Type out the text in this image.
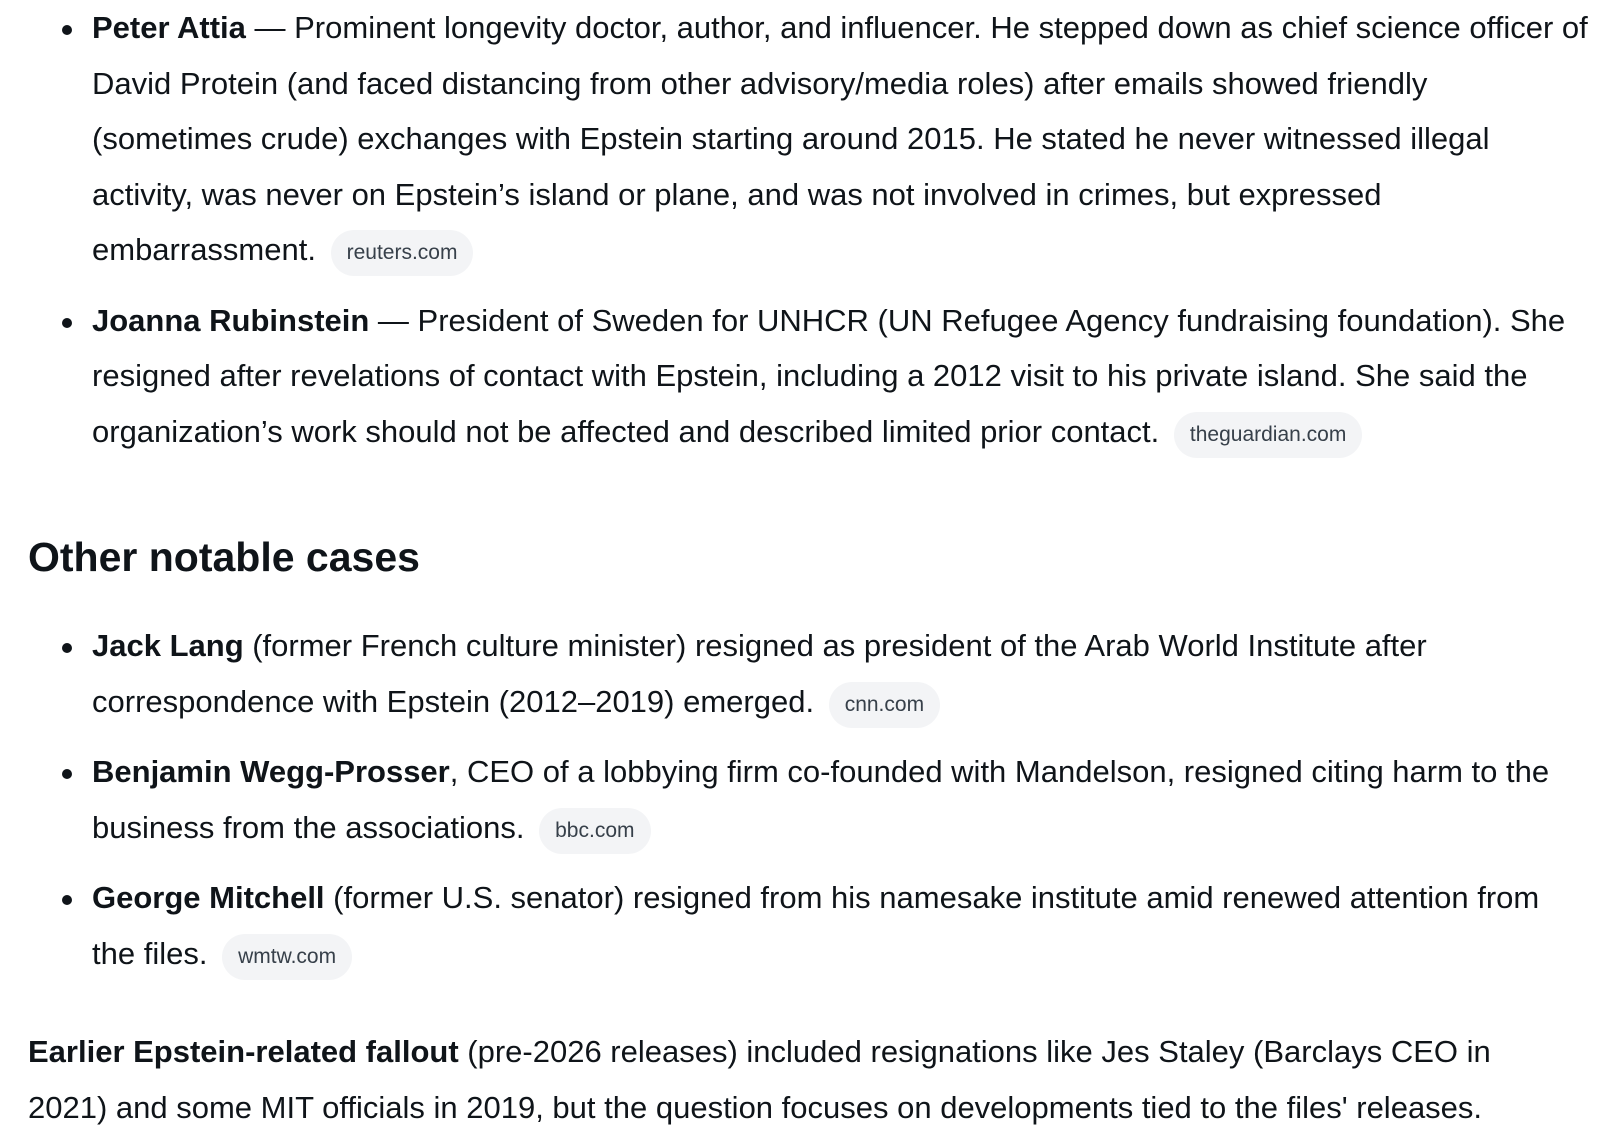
Peter Attia — Prominent longevity doctor, author, and influencer. He stepped down as chief science officer of David Protein (and faced distancing from other advisory/media roles) after emails showed friendly (sometimes crude) exchanges with Epstein starting around 2015. He stated he never witnessed illegal activity, was never on Epstein’s island or plane, and was not involved in crimes, but expressed embarrassment. reuters.com
Joanna Rubinstein — President of Sweden for UNHCR (UN Refugee Agency fundraising foundation). She resigned after revelations of contact with Epstein, including a 2012 visit to his private island. She said the organization’s work should not be affected and described limited prior contact. theguardian.com
Other notable cases
Jack Lang (former French culture minister) resigned as president of the Arab World Institute after correspondence with Epstein (2012–2019) emerged. cnn.com
Benjamin Wegg-Prosser, CEO of a lobbying firm co-founded with Mandelson, resigned citing harm to the business from the associations. bbc.com
George Mitchell (former U.S. senator) resigned from his namesake institute amid renewed attention from the files. wmtw.com

Earlier Epstein-related fallout (pre-2026 releases) included resignations like Jes Staley (Barclays CEO in 2021) and some MIT officials in 2019, but the question focuses on developments tied to the files' releases.
